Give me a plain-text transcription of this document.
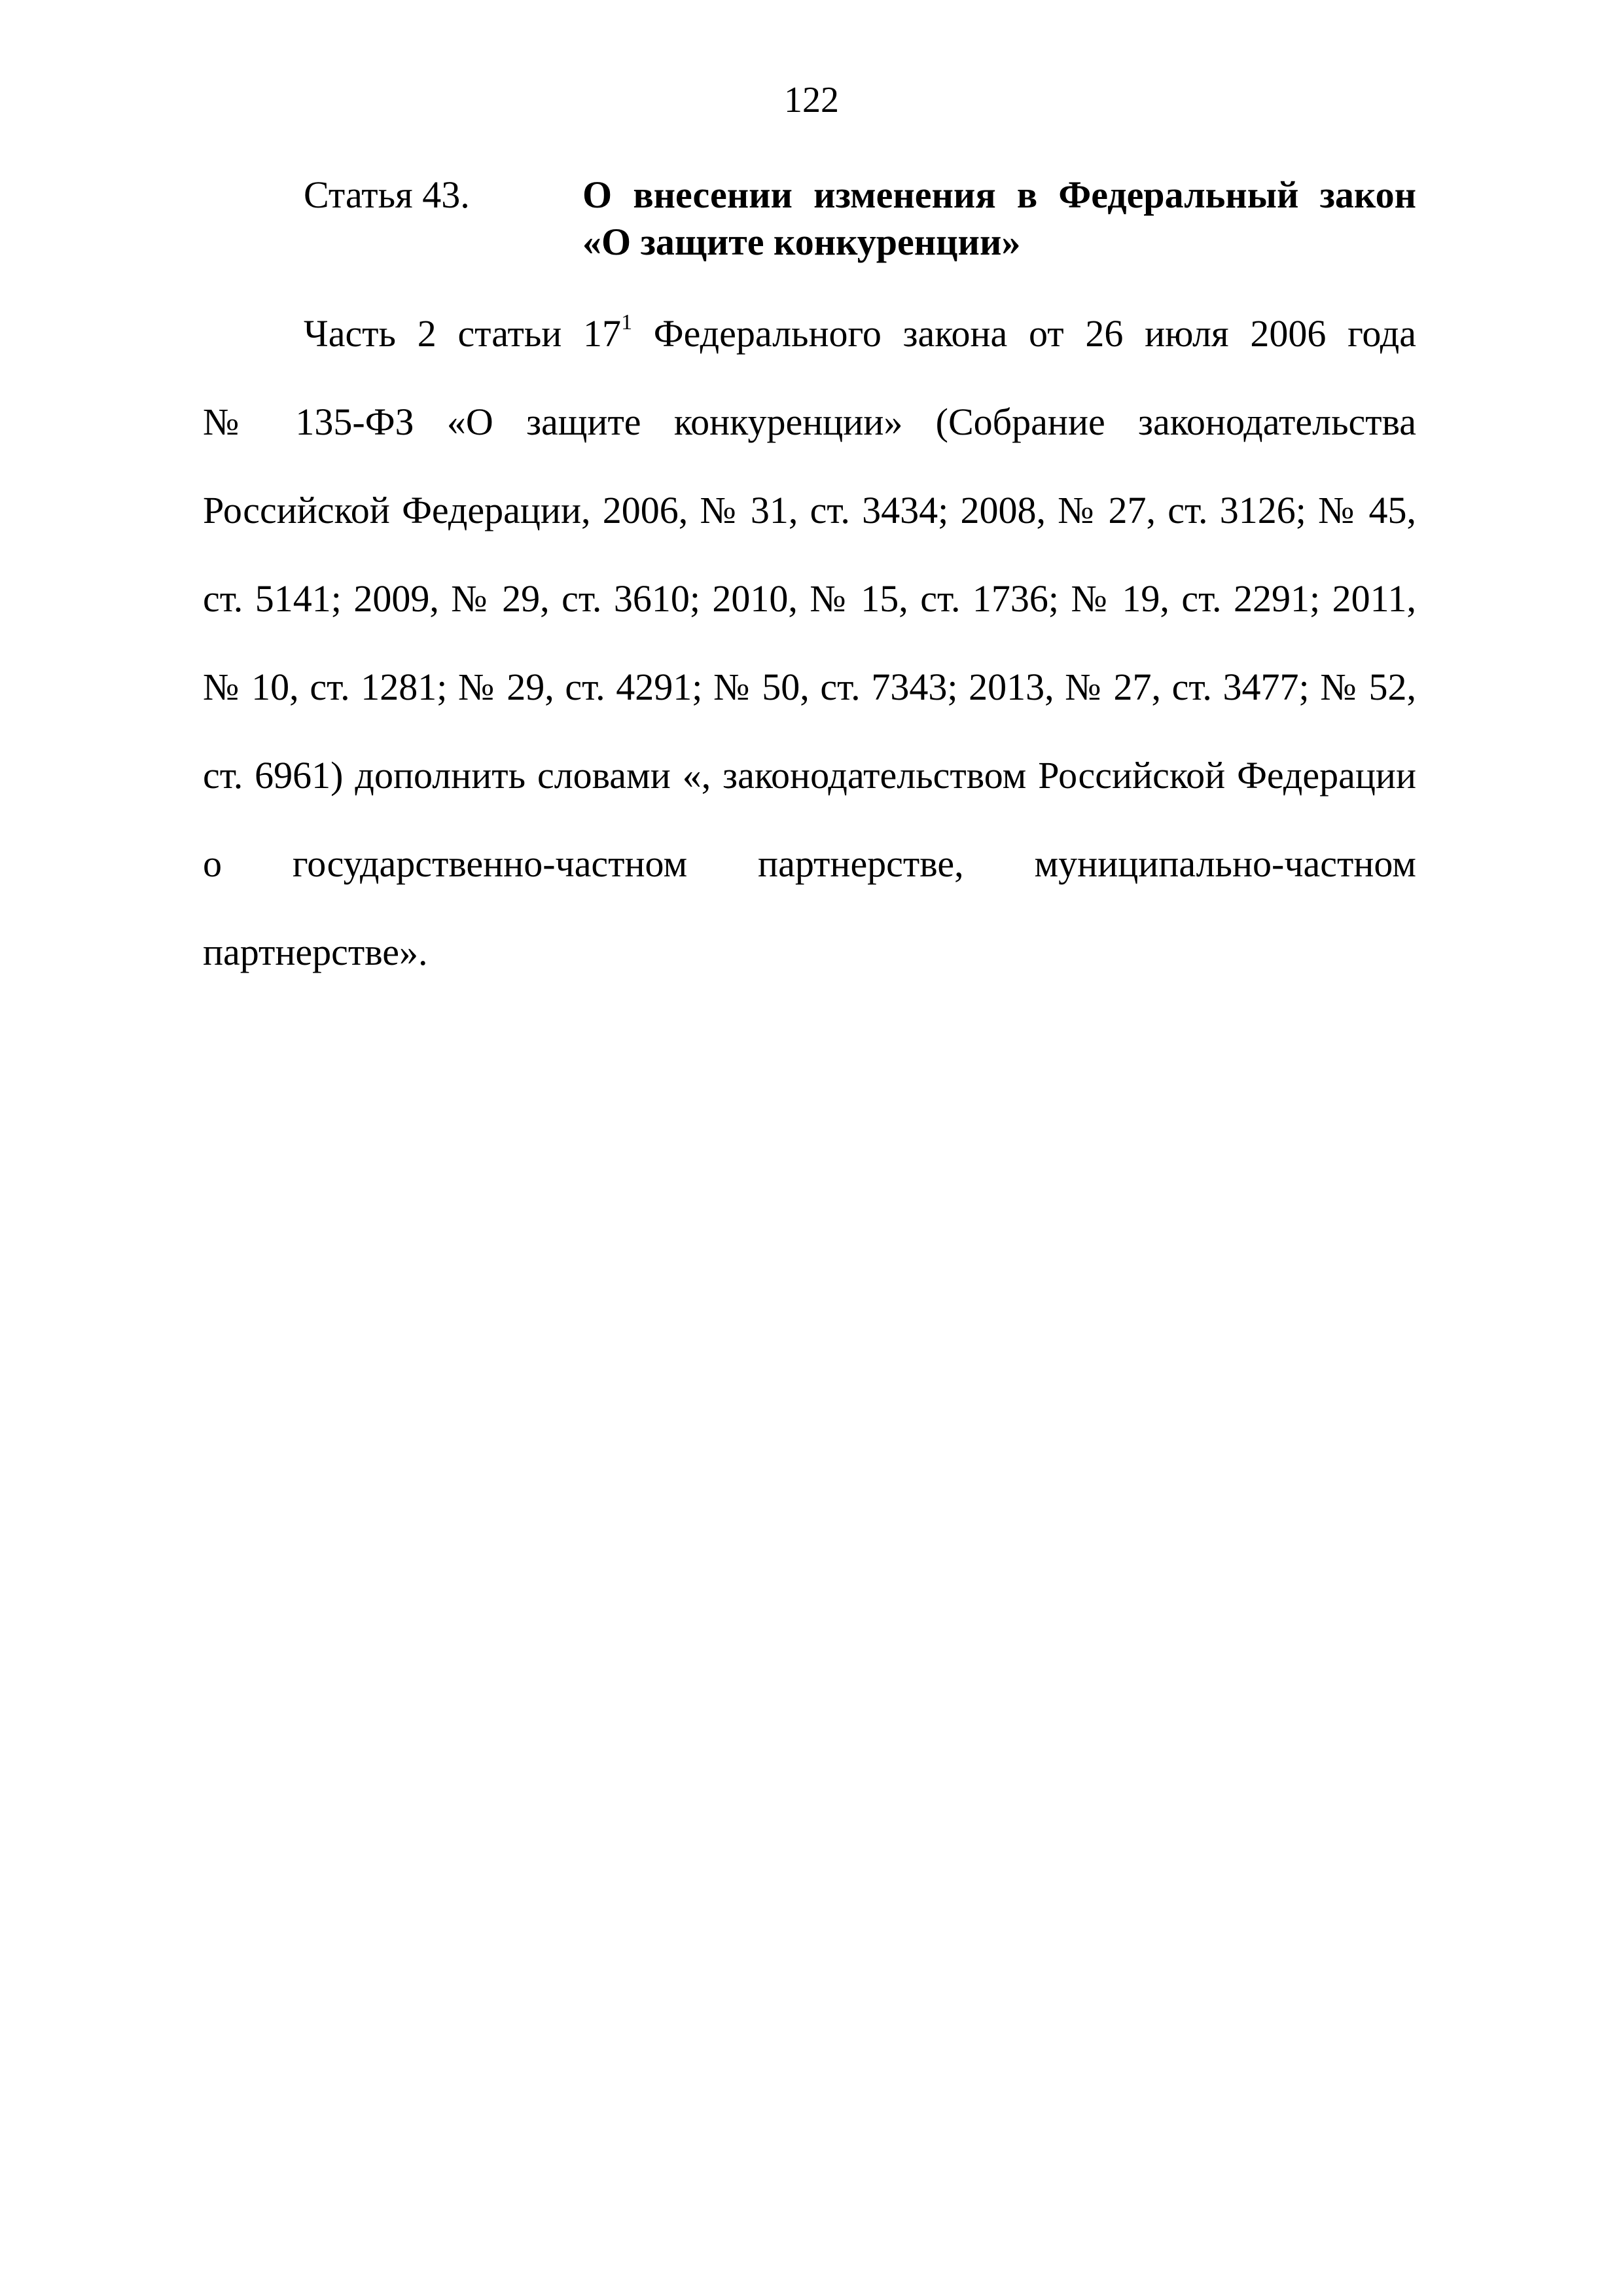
122
Статья 43.	О внесении изменения в Федеральный закон
«О защите конкуренции»
Часть 2 статьи $17^1$ Федерального закона от 26 июля 2006 года
№ 135-ФЗ «О защите конкуренции» (Собрание законодательства
Российской Федерации, 2006, № 31, ст. 3434; 2008, № 27, ст. 3126; № 45,
ст. 5141; 2009, № 29, ст. 3610; 2010, № 15, ст. 1736; № 19, ст. 2291; 2011,
№ 10, ст. 1281; № 29, ст. 4291; № 50, ст. 7343; 2013, № 27, ст. 3477; № 52,
ст. 6961) дополнить словами «, законодательством Российской Федерации
о государственно-частном партнерстве, муниципально-частном
партнерстве».
